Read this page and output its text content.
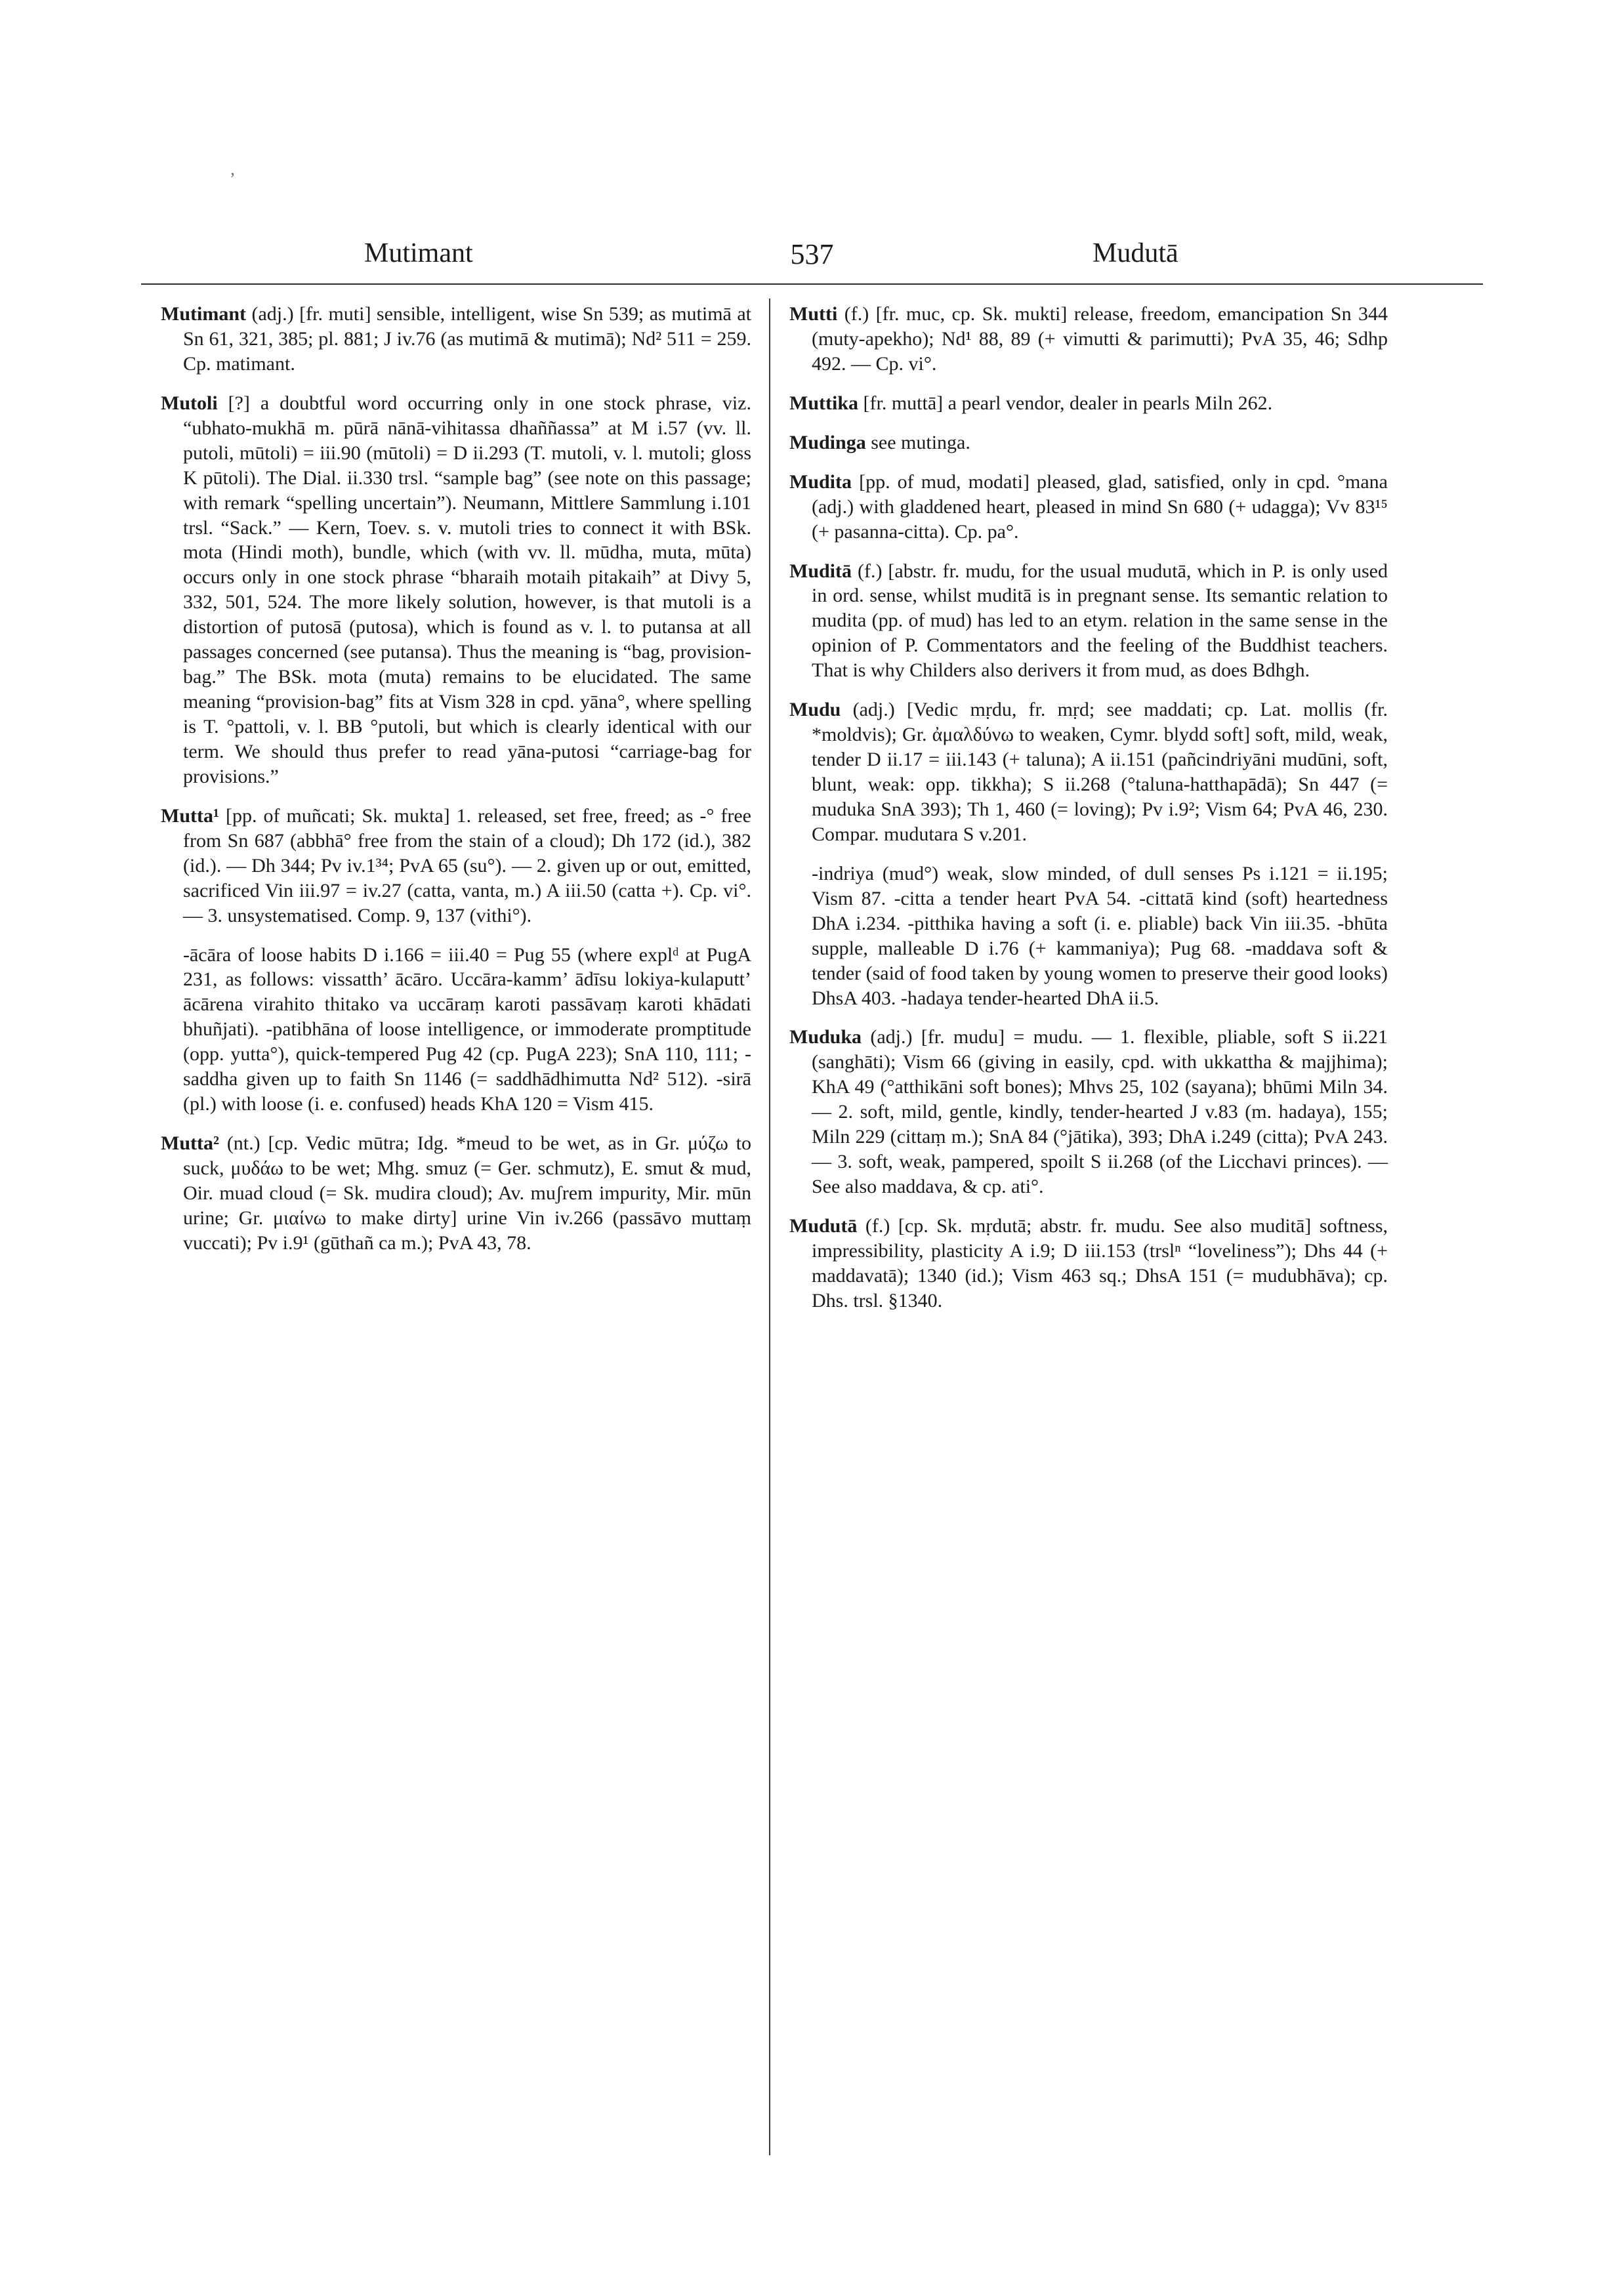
’
Mutimant	537	Mudutā

Mutimant (adj.) [fr. muti] sensible, intelligent, wise Sn 539; as mutimā at Sn 61, 321, 385; pl. 881; J iv.76 (as mutimā & mutimā); Nd² 511 = 259. Cp. matimant.

Mutoli [?] a doubtful word occurring only in one stock phrase, viz. “ubhato-mukhā m. pūrā nānā-vihitassa dhaññassa” at M i.57 (vv. ll. putoli, mūtoli) = iii.90 (mūtoli) = D ii.293 (T. mutoli, v. l. mutoli; gloss K pūtoli). The Dial. ii.330 trsl. “sample bag” (see note on this passage; with remark “spelling uncertain”). Neumann, Mittlere Sammlung i.101 trsl. “Sack.” — Kern, Toev. s. v. mutoli tries to connect it with BSk. mota (Hindi moth), bundle, which (with vv. ll. mūdha, muta, mūta) occurs only in one stock phrase “bharaih motaih pitakaih” at Divy 5, 332, 501, 524. The more likely solution, however, is that mutoli is a distortion of putosā (putosa), which is found as v. l. to putansa at all passages concerned (see putansa). Thus the meaning is “bag, provision-bag.” The BSk. mota (muta) remains to be elucidated. The same meaning “provision-bag” fits at Vism 328 in cpd. yāna°, where spelling is T. °pattoli, v. l. BB °putoli, but which is clearly identical with our term. We should thus prefer to read yāna-putosi “carriage-bag for provisions.”

Mutta¹ [pp. of muñcati; Sk. mukta] 1. released, set free, freed; as -° free from Sn 687 (abbhā° free from the stain of a cloud); Dh 172 (id.), 382 (id.). — Dh 344; Pv iv.1³⁴; PvA 65 (su°). — 2. given up or out, emitted, sacrificed Vin iii.97 = iv.27 (catta, vanta, m.) A iii.50 (catta +). Cp. vi°. — 3. unsystematised. Comp. 9, 137 (vithi°).

-ācāra of loose habits D i.166 = iii.40 = Pug 55 (where explᵈ at PugA 231, as follows: vissatth’ ācāro. Uccāra-kamm’ ādīsu lokiya-kulaputt’ ācārena virahito thitako va uccāraṃ karoti passāvaṃ karoti khādati bhuñjati). -patibhāna of loose intelligence, or immoderate promptitude (opp. yutta°), quick-tempered Pug 42 (cp. PugA 223); SnA 110, 111; -saddha given up to faith Sn 1146 (= saddhādhimutta Nd² 512). -sirā (pl.) with loose (i. e. confused) heads KhA 120 = Vism 415.

Mutta² (nt.) [cp. Vedic mūtra; Idg. *meud to be wet, as in Gr. μύζω to suck, μυδάω to be wet; Mhg. smuz (= Ger. schmutz), E. smut & mud, Oir. muad cloud (= Sk. mudira cloud); Av. muʃrem impurity, Mir. mūn urine; Gr. μιαίνω to make dirty] urine Vin iv.266 (passāvo muttaṃ vuccati); Pv i.9¹ (gūthañ ca m.); PvA 43, 78.

Mutti (f.) [fr. muc, cp. Sk. mukti] release, freedom, emancipation Sn 344 (muty-apekho); Nd¹ 88, 89 (+ vimutti & parimutti); PvA 35, 46; Sdhp 492. — Cp. vi°.

Muttika [fr. muttā] a pearl vendor, dealer in pearls Miln 262.

Mudinga see mutinga.

Mudita [pp. of mud, modati] pleased, glad, satisfied, only in cpd. °mana (adj.) with gladdened heart, pleased in mind Sn 680 (+ udagga); Vv 83¹⁵ (+ pasanna-citta). Cp. pa°.

Muditā (f.) [abstr. fr. mudu, for the usual mudutā, which in P. is only used in ord. sense, whilst muditā is in pregnant sense. Its semantic relation to mudita (pp. of mud) has led to an etym. relation in the same sense in the opinion of P. Commentators and the feeling of the Buddhist teachers. That is why Childers also derivers it from mud, as does Bdhgh.

Mudu (adj.) [Vedic mṛdu, fr. mṛd; see maddati; cp. Lat. mollis (fr. *moldvis); Gr. ἀμαλδύνω to weaken, Cymr. blydd soft] soft, mild, weak, tender D ii.17 = iii.143 (+ taluna); A ii.151 (pañcindriyāni mudūni, soft, blunt, weak: opp. tikkha); S ii.268 (°taluna-hatthapādā); Sn 447 (= muduka SnA 393); Th 1, 460 (= loving); Pv i.9²; Vism 64; PvA 46, 230. Compar. mudutara S v.201.

-indriya (mud°) weak, slow minded, of dull senses Ps i.121 = ii.195; Vism 87. -citta a tender heart PvA 54. -cittatā kind (soft) heartedness DhA i.234. -pitthika having a soft (i. e. pliable) back Vin iii.35. -bhūta supple, malleable D i.76 (+ kammaniya); Pug 68. -maddava soft & tender (said of food taken by young women to preserve their good looks) DhsA 403. -hadaya tender-hearted DhA ii.5.

Muduka (adj.) [fr. mudu] = mudu. — 1. flexible, pliable, soft S ii.221 (sanghāti); Vism 66 (giving in easily, cpd. with ukkattha & majjhima); KhA 49 (°atthikāni soft bones); Mhvs 25, 102 (sayana); bhūmi Miln 34. — 2. soft, mild, gentle, kindly, tender-hearted J v.83 (m. hadaya), 155; Miln 229 (cittaṃ m.); SnA 84 (°jātika), 393; DhA i.249 (citta); PvA 243. — 3. soft, weak, pampered, spoilt S ii.268 (of the Licchavi princes). — See also maddava, & cp. ati°.

Mudutā (f.) [cp. Sk. mṛdutā; abstr. fr. mudu. See also muditā] softness, impressibility, plasticity A i.9; D iii.153 (trslⁿ “loveliness”); Dhs 44 (+ maddavatā); 1340 (id.); Vism 463 sq.; DhsA 151 (= mudubhāva); cp. Dhs. trsl. §1340.
